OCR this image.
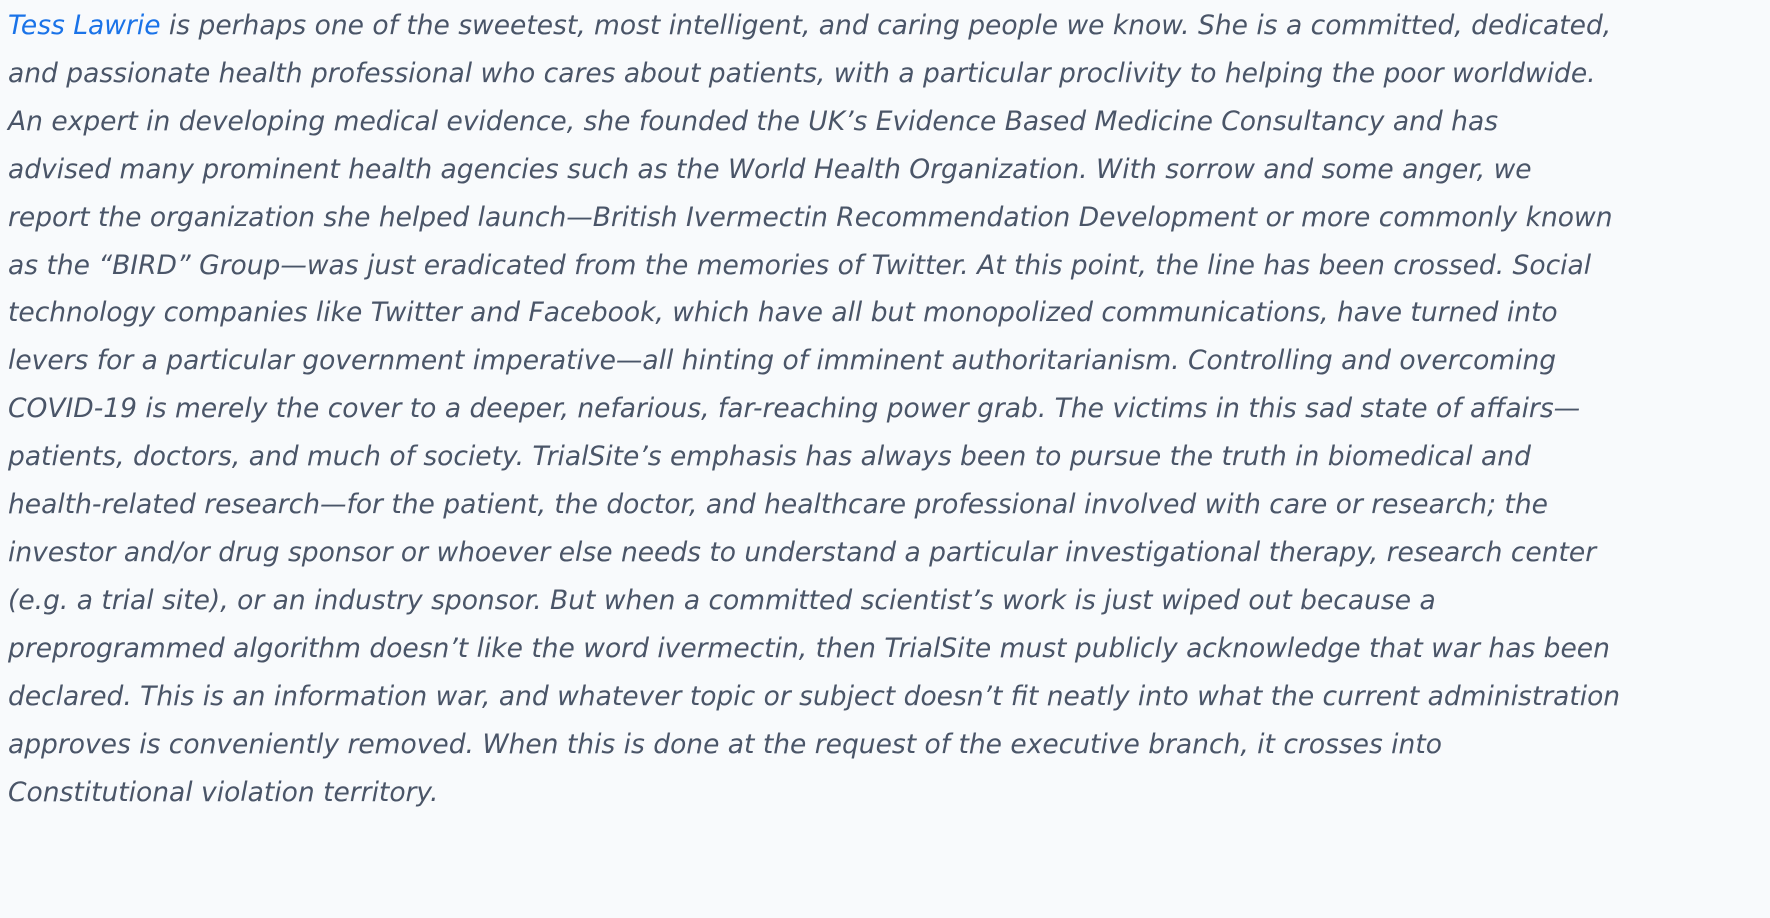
Tess Lawrie is perhaps one of the sweetest, most intelligent, and caring people we know. She is a committed, dedicated,
and passionate health professional who cares about patients, with a particular proclivity to helping the poor worldwide.
An expert in developing medical evidence, she founded the UK’s Evidence Based Medicine Consultancy and has
advised many prominent health agencies such as the World Health Organization. With sorrow and some anger, we
report the organization she helped launch—British Ivermectin Recommendation Development or more commonly known
as the “BIRD” Group—was just eradicated from the memories of Twitter. At this point, the line has been crossed. Social
technology companies like Twitter and Facebook, which have all but monopolized communications, have turned into
levers for a particular government imperative—all hinting of imminent authoritarianism. Controlling and overcoming
COVID-19 is merely the cover to a deeper, nefarious, far-reaching power grab. The victims in this sad state of affairs—
patients, doctors, and much of society. TrialSite’s emphasis has always been to pursue the truth in biomedical and
health-related research—for the patient, the doctor, and healthcare professional involved with care or research; the
investor and/or drug sponsor or whoever else needs to understand a particular investigational therapy, research center
(e.g. a trial site), or an industry sponsor. But when a committed scientist’s work is just wiped out because a
preprogrammed algorithm doesn’t like the word ivermectin, then TrialSite must publicly acknowledge that war has been
declared. This is an information war, and whatever topic or subject doesn’t fit neatly into what the current administration
approves is conveniently removed. When this is done at the request of the executive branch, it crosses into
Constitutional violation territory.
